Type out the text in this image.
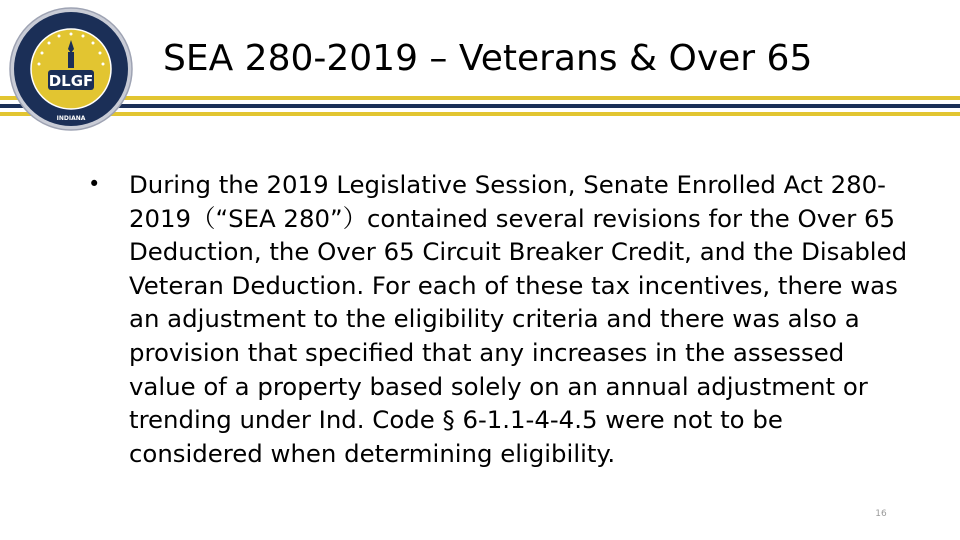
DLGF
INDIANA
SEA 280-2019 – Veterans & Over 65
• During the 2019 Legislative Session, Senate Enrolled Act 280-2019（“SEA 280”）contained several revisions for the Over 65 Deduction, the Over 65 Circuit Breaker Credit, and the Disabled Veteran Deduction. For each of these tax incentives, there was an adjustment to the eligibility criteria and there was also a provision that specified that any increases in the assessed value of a property based solely on an annual adjustment or trending under Ind. Code § 6-1.1-4-4.5 were not to be considered when determining eligibility.
16
